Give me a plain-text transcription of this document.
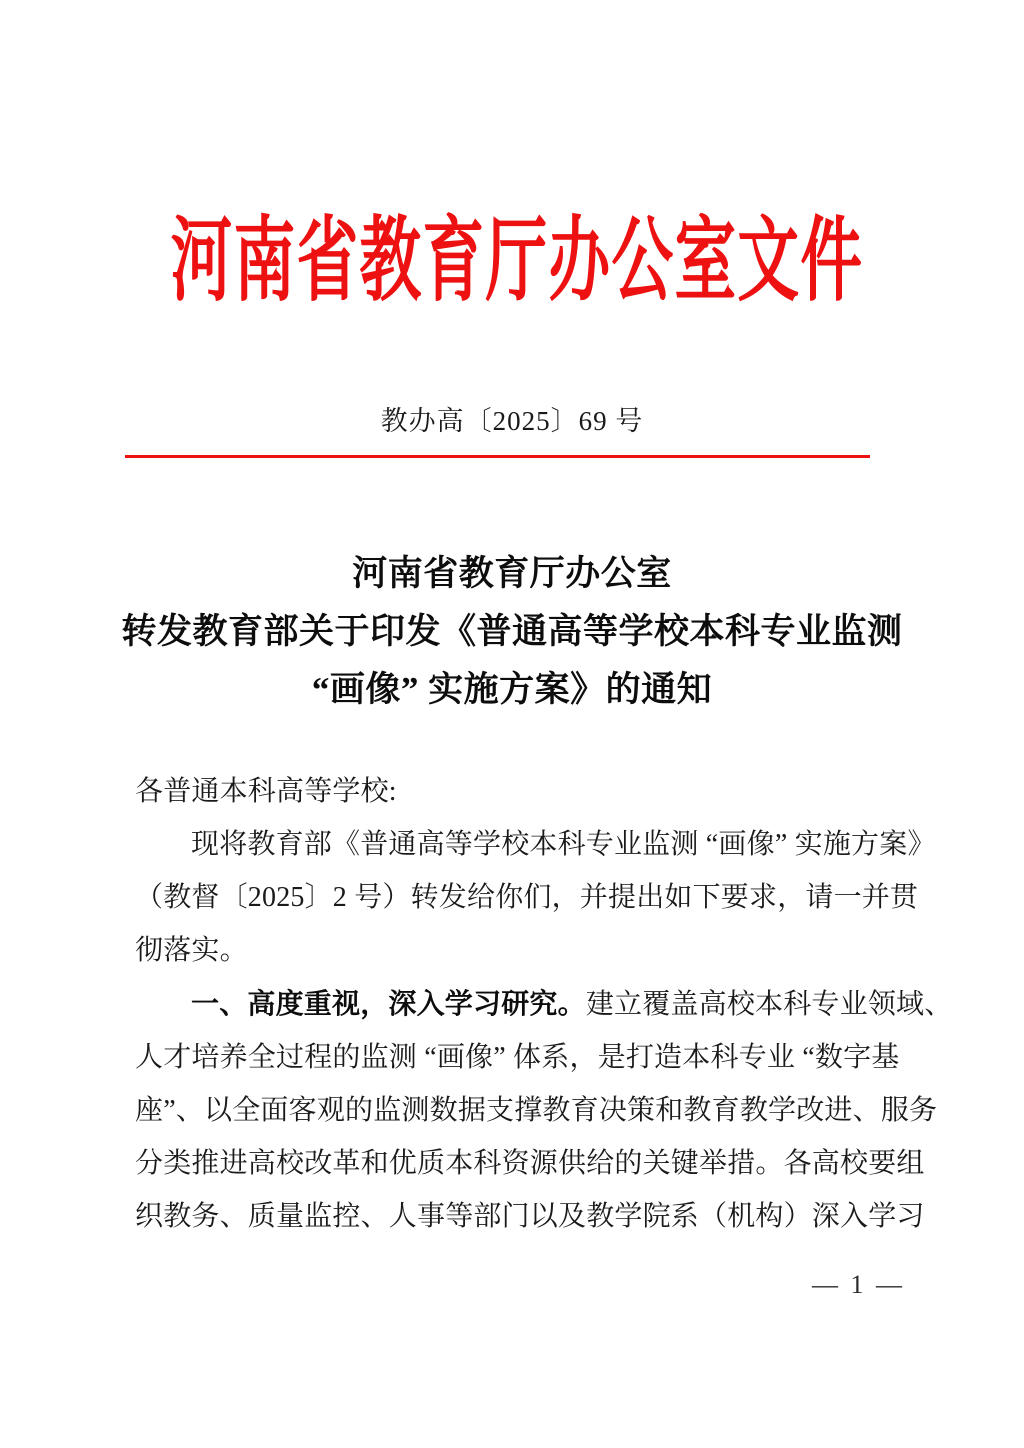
河南省教育厅办公室文件
教办高〔2025〕69 号
河南省教育厅办公室
转发教育部关于印发《普通高等学校本科专业监测
“画像” 实施方案》的通知

各普通本科高等学校:

现将教育部《普通高等学校本科专业监测 “画像” 实施方案》

（教督〔2025〕2 号）转发给你们，并提出如下要求，请一并贯

彻落实。

一、高度重视，深入学习研究。建立覆盖高校本科专业领域、

人才培养全过程的监测 “画像” 体系，是打造本科专业 “数字基

座”、以全面客观的监测数据支撑教育决策和教育教学改进、服务

分类推进高校改革和优质本科资源供给的关键举措。各高校要组

织教务、质量监控、人事等部门以及教学院系（机构）深入学习

— 1 —
